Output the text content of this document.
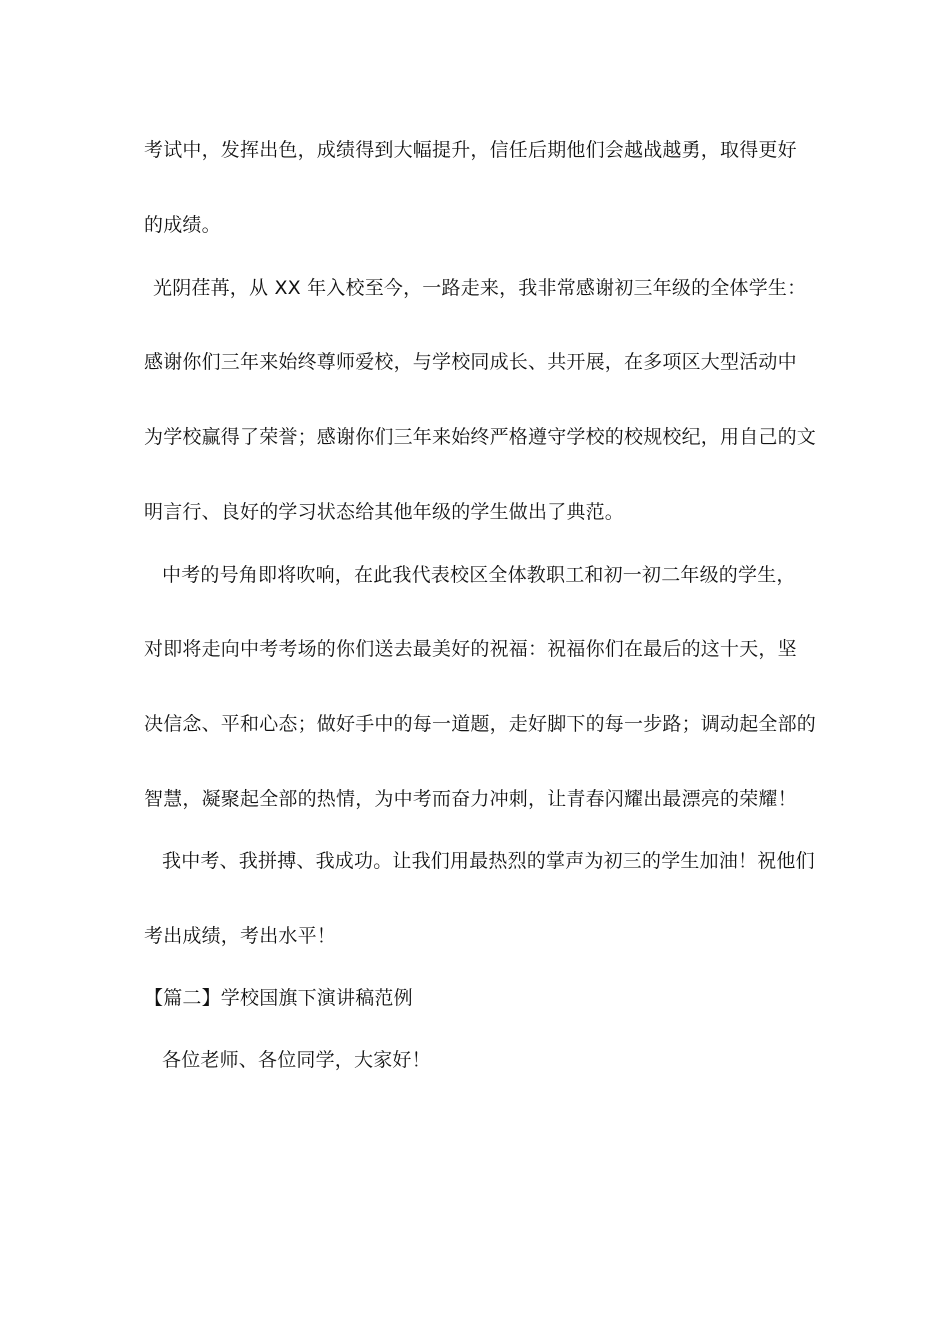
考试中，发挥出色，成绩得到大幅提升，信任后期他们会越战越勇，取得更好
的成绩。
光阴荏苒，从 XX 年入校至今，一路走来，我非常感谢初三年级的全体学生：
感谢你们三年来始终尊师爱校，与学校同成长、共开展，在多项区大型活动中
为学校赢得了荣誉；感谢你们三年来始终严格遵守学校的校规校纪，用自己的文
明言行、良好的学习状态给其他年级的学生做出了典范。
中考的号角即将吹响，在此我代表校区全体教职工和初一初二年级的学生，
对即将走向中考考场的你们送去最美好的祝福：祝福你们在最后的这十天，坚
决信念、平和心态；做好手中的每一道题，走好脚下的每一步路；调动起全部的
智慧，凝聚起全部的热情，为中考而奋力冲刺，让青春闪耀出最漂亮的荣耀！
我中考、我拼搏、我成功。让我们用最热烈的掌声为初三的学生加油！祝他们
考出成绩，考出水平！
【篇二】学校国旗下演讲稿范例
各位老师、各位同学，大家好！
